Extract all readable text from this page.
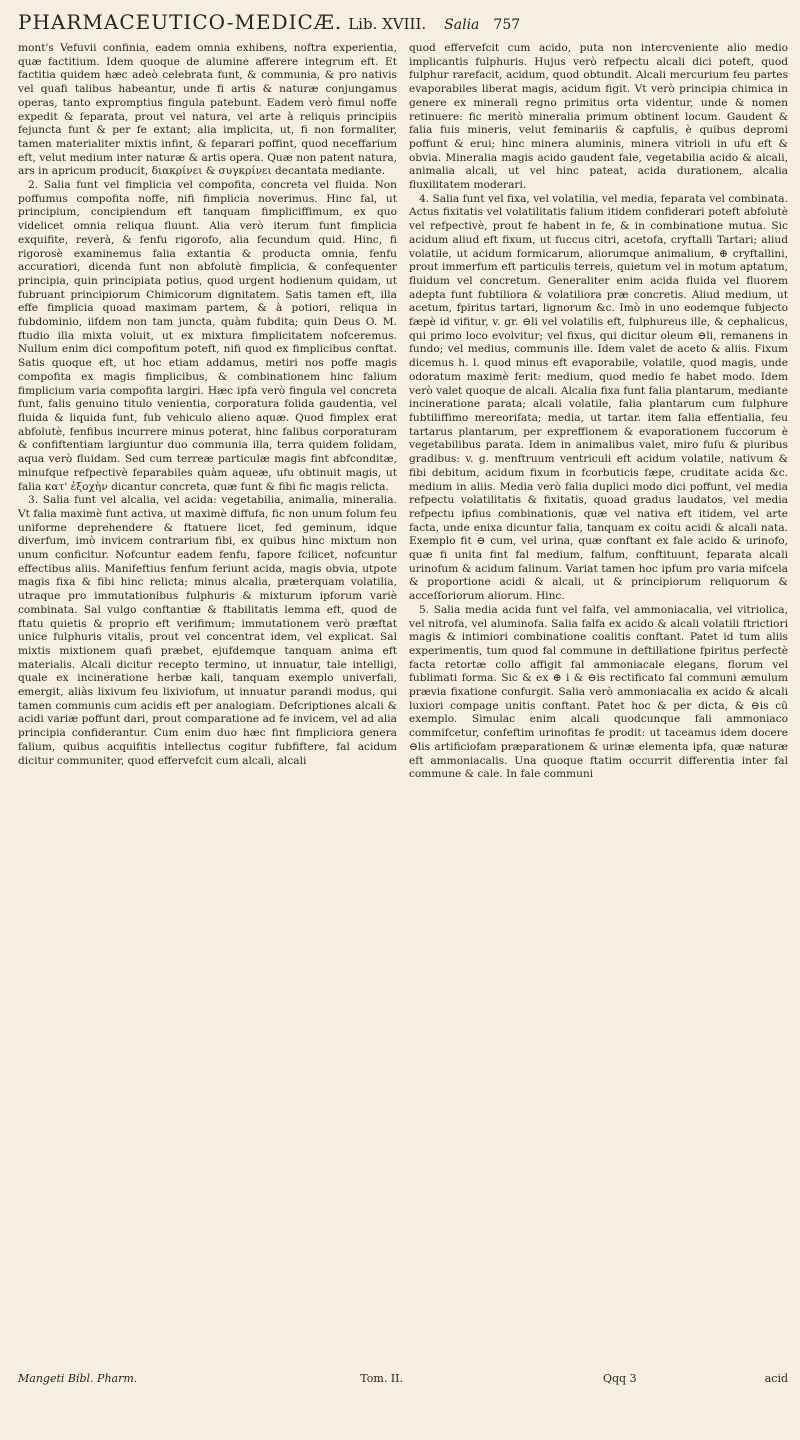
PHARMACEUTICO-MEDICÆ. Lib. XVIII. Salia 757

mont's Vefuvii confinia, eadem omnia exhibens, noftra experientia, quæ factitium. Idem quoque de alumine afferere integrum eft. Et factitia quidem hæc adeò celebrata funt, & communia, & pro nativis vel quafi talibus habeantur, unde fi artis & naturæ conjungamus operas, tanto expromptius fingula patebunt. Eadem verò fimul noffe expedit & feparata, prout vel natura, vel arte à reliquis principiis fejuncta funt & per fe extant; alia implicita, ut, fi non formaliter, tamen materialiter mixtis infint, & feparari poffint, quod neceffarium eft, velut medium inter naturæ & artis opera. Quæ non patent natura, ars in apricum producit, διακρίνει & συγκρίνει decantata mediante.

2. Salia funt vel fimplicia vel compofita, concreta vel fluida. Non poffumus compofita noffe, nifi fimplicia noverimus. Hinc fal, ut principium, concipiendum eft tanquam fimpliciffimum, ex quo videlicet omnia reliqua fluunt. Alia verò iterum funt fimplicia exquifite, reverà, & fenfu rigorofo, alia fecundum quid. Hinc, fi rigorosè examinemus falia extantia & producta omnia, fenfu accuratiori, dicenda funt non abfolutè fimplicia, & confequenter principia, quin principiata potius, quod urgent hodienum quidam, ut fubruant principiorum Chimicorum dignitatem. Satis tamen eft, illa effe fimplicia quoad maximam partem, & à potiori, reliqua in fubdominio, iifdem non tam juncta, quàm fubdita; quin Deus O. M. ftudio illa mixta voluit, ut ex mixtura fimplicitatem nofceremus. Nullum enim dici compofitum poteft, nifi quod ex fimplicibus conftat. Satis quoque eft, ut hoc etiam addamus, metiri nos poffe magis compofita ex magis fimplicibus, & combinationem hinc falium fimplicium varia compofita largiri. Hæc ipfa verò fingula vel concreta funt, falis genuino titulo venientia, corporatura folida gaudentia, vel fluida & liquida funt, fub vehiculo alieno aquæ. Quod fimplex erat abfolutè, fenfibus incurrere minus poterat, hinc falibus corporaturam & confiftentiam largiuntur duo communia illa, terra quidem folidam, aqua verò fluidam. Sed cum terreæ particulæ magis fint abfconditæ, minufque refpectivè feparabiles quàm aqueæ, ufu obtinuit magis, ut falia κατ' ἐξοχὴν dicantur concreta, quæ funt & fibi fic magis relicta.

3. Salia funt vel alcalia, vel acida: vegetabilia, animalia, mineralia. Vt falia maximè funt activa, ut maximè diffufa, fic non unum folum feu uniforme deprehendere & ftatuere licet, fed geminum, idque diverfum, imò invicem contrarium fibi, ex quibus hinc mixtum non unum conficitur. Nofcuntur eadem fenfu, fapore fcilicet, nofcuntur effectibus aliis. Manifeftius fenfum feriunt acida, magis obvia, utpote magis fixa & fibi hinc relicta; minus alcalia, præterquam volatilia, utraque pro immutationibus fulphuris & mixturum ipforum variè combinata. Sal vulgo conftantiæ & ftabilitatis lemma eft, quod de ftatu quietis & proprio eft verifimum; immutationem verò præftat unice fulphuris vitalis, prout vel concentrat idem, vel explicat. Sal mixtis mixtionem quafi præbet, ejufdemque tanquam anima eft materialis. Alcali dicitur recepto termino, ut innuatur, tale intelligi, quale ex incineratione herbæ kali, tanquam exemplo univerfali, emergit, aliàs lixivum feu lixiviofum, ut innuatur parandi modus, qui tamen communis cum acidis eft per analogiam. Defcriptiones alcali & acidi variæ poffunt dari, prout comparatione ad fe invicem, vel ad alia principia confiderantur. Cum enim duo hæc fint fimpliciora genera falium, quibus acquifitis intellectus cogitur fubfiftere, fal acidum dicitur communiter, quod effervefcit cum alcali, alcali

quod effervefcit cum acido, puta non intercveniente alio medio implicantis fulphuris. Hujus verò refpectu alcali dici poteft, quod fulphur rarefacit, acidum, quod obtundit. Alcali mercurium feu partes evaporabiles liberat magis, acidum figit. Vt verò principia chimica in genere ex minerali regno primitus orta videntur, unde & nomen retinuere: fic meritò mineralia primum obtinent locum. Gaudent & falia fuis mineris, velut feminariis & capfulis, è quibus depromi poffunt & erui; hinc minera aluminis, minera vitrioli in ufu eft & obvia. Mineralia magis acido gaudent fale, vegetabilia acido & alcali, animalia alcali, ut vel hinc pateat, acida durationem, alcalia fluxilitatem moderari.

4. Salia funt vel fixa, vel volatilia, vel media, feparata vel combinata. Actus fixitatis vel volatilitatis falium itidem confiderari poteft abfolutè vel refpectivè, prout fe habent in fe, & in combinatione mutua. Sic acidum aliud eft fixum, ut fuccus citri, acetofa, cryftalli Tartari; aliud volatile, ut acidum formicarum, aliorumque animalium, ⊕ cryftallini, prout immerfum eft particulis terreis, quietum vel in motum aptatum, fluidum vel concretum. Generaliter enim acida fluida vel fluorem adepta funt fubtiliora & volatiliora præ concretis. Aliud medium, ut acetum, fpiritus tartari, lignorum &c. Imò in uno eodemque fubjecto fæpè id vifitur, v. gr. ⊖li vel volatilis eft, fulphureus ille, & cephalicus, qui primo loco evolvitur; vel fixus, qui dicitur oleum ⊖li, remanens in fundo; vel medius, communis ille. Idem valet de aceto & aliis. Fixum dicemus h. l. quod minus eft evaporabile, volatile, quod magis, unde odoratum maximè ferit: medium, quod medio fe habet modo. Idem verò valet quoque de alcali. Alcalia fixa funt falia plantarum, mediante incineratione parata; alcali volatile, falia plantarum cum fulphure fubtiliffimo mereorifata; media, ut tartar. item falia effentialia, feu tartarus plantarum, per expreffionem & evaporationem fuccorum è vegetabilibus parata. Idem in animalibus valet, miro fuſu & pluribus gradibus: v. g. menftruum ventriculi eft acidum volatile, nativum & fibi debitum, acidum fixum in fcorbuticis fæpe, cruditate acida &c. medium in aliis. Media verò falia duplici modo dici poffunt, vel media refpectu volatilitatis & fixitatis, quoad gradus laudatos, vel media refpectu ipfius combinationis, quæ vel nativa eft itidem, vel arte facta, unde enixa dicuntur falia, tanquam ex coitu acidi & alcali nata. Exemplo fit ⊖ cum, vel urina, quæ conftant ex fale acido & urinofo, quæ fi unita fint fal medium, falfum, conftituunt, feparata alcali urinofum & acidum falinum. Variat tamen hoc ipfum pro varia mifcela & proportione acidi & alcali, ut & principiorum reliquorum & acceſſoriorum aliorum. Hinc.

5. Salia media acida funt vel falfa, vel ammoniacalia, vel vitriolica, vel nitrofa, vel aluminofa. Salia falfa ex acido & alcali volatili ftrictiori magis & intimiori combinatione coalitis conftant. Patet id tum aliis experimentis, tum quod fal commune in deftillatione fpiritus perfectè facta retortæ collo affigit fal ammoniacale elegans, florum vel fublimati forma. Sic & ex ⊕ i & ⊖is rectificato fal communi æmulum prævia fixatione confurgit. Salia verò ammoniacalia ex acido & alcali luxiori compage unitis conftant. Patet hoc & per dicta, & ⊖is cū exemplo. Simulac enim alcali quodcunque fali ammoniaco commifcetur, confeftim urinofitas fe prodit: ut taceamus idem docere ⊖lis artificiofam præparationem & urinæ elementa ipfa, quæ naturæ eft ammoniacalis. Una quoque ftatim occurrit differentia inter fal commune & cale. In fale communi

Mangeti Bibl. Pharm.	Tom. II.	Qqq 3	acid
